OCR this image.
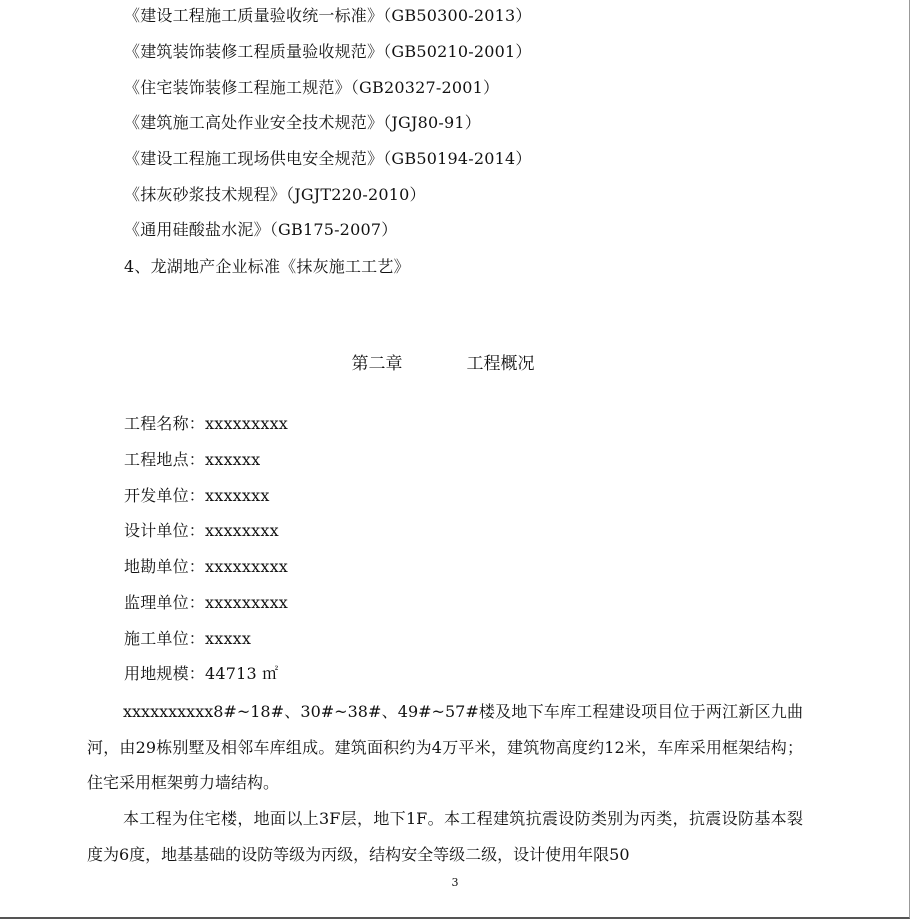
《建设工程施工质量验收统一标准》（GB50300-2013）
《建筑装饰装修工程质量验收规范》（GB50210-2001）
《住宅装饰装修工程施工规范》（GB20327-2001）
《建筑施工高处作业安全技术规范》（JGJ80-91）
《建设工程施工现场供电安全规范》（GB50194-2014）
《抹灰砂浆技术规程》（JGJT220-2010）
《通用硅酸盐水泥》（GB175-2007）
4、龙湖地产企业标准《抹灰施工工艺》
第二章	工程概况
工程名称：xxxxxxxxx
工程地点：xxxxxx
开发单位：xxxxxxx
设计单位：xxxxxxxx
地勘单位：xxxxxxxxx
监理单位：xxxxxxxxx
施工单位：xxxxx
用地规模：44713 ㎡

xxxxxxxxxx8#~18#、30#~38#、49#~57#楼及地下车库工程建设项目位于两江新区九曲河，由29栋别墅及相邻车库组成。建筑面积约为4万平米，建筑物高度约12米，车库采用框架结构；住宅采用框架剪力墙结构。

本工程为住宅楼，地面以上3F层，地下1F。本工程建筑抗震设防类别为丙类，抗震设防基本裂度为6度，地基基础的设防等级为丙级，结构安全等级二级，设计使用年限50

3
